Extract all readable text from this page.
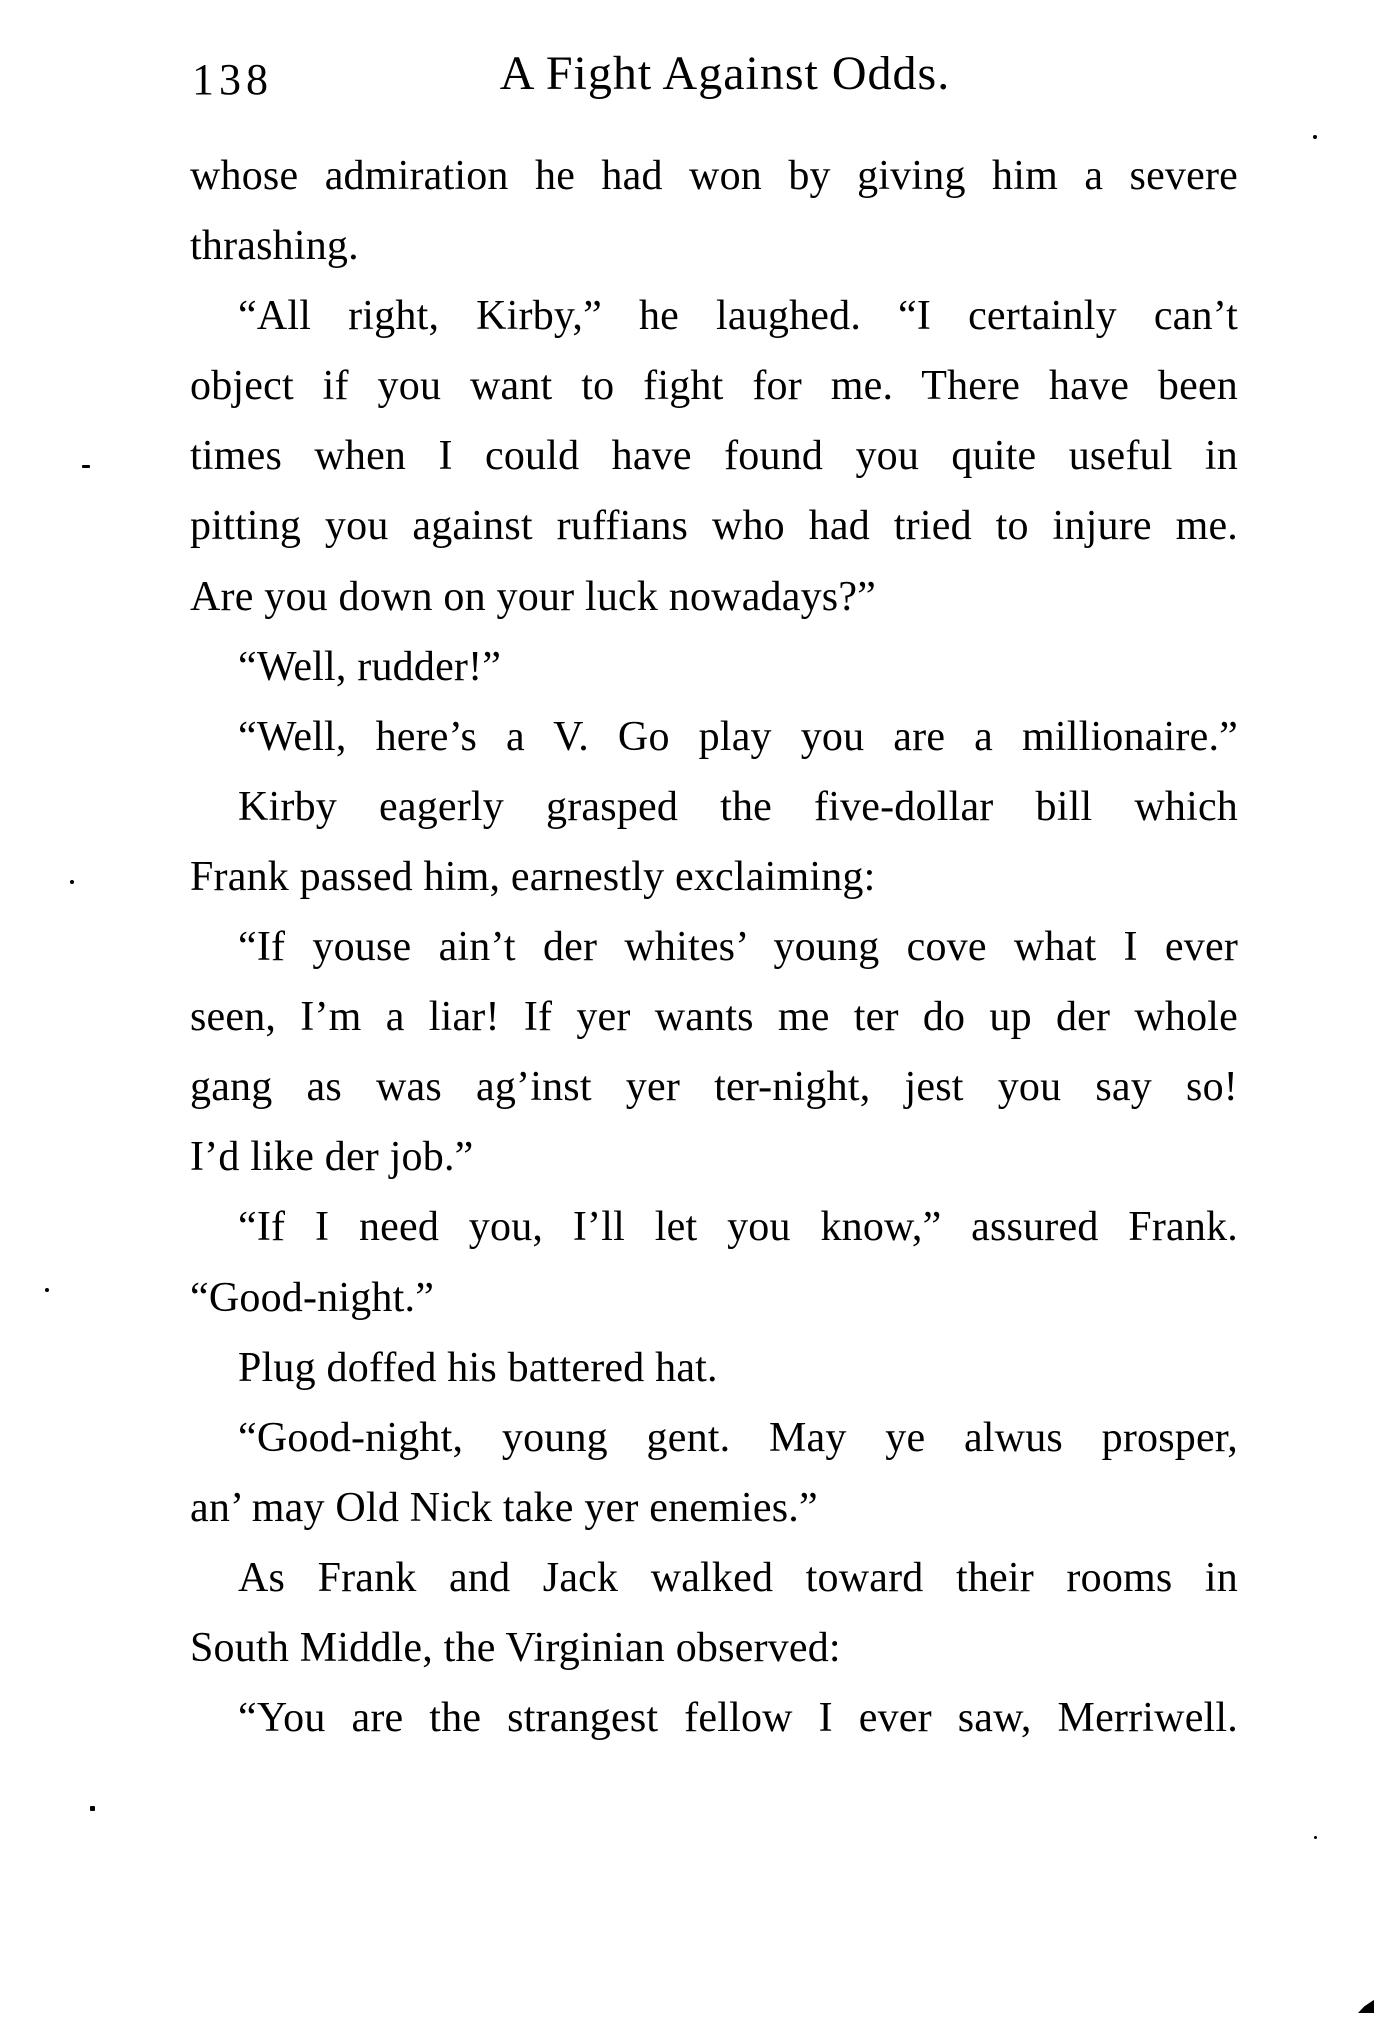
138	A Fight Against Odds.
whose admiration he had won by giving him a severe
thrashing.
“All right, Kirby,” he laughed. “I certainly can’t
object if you want to fight for me. There have been
times when I could have found you quite useful in
pitting you against ruffians who had tried to injure me.
Are you down on your luck nowadays?”
“Well, rudder!”
“Well, here’s a V. Go play you are a millionaire.”
Kirby eagerly grasped the five-dollar bill which
Frank passed him, earnestly exclaiming:
“If youse ain’t der whites’ young cove what I ever
seen, I’m a liar! If yer wants me ter do up der whole
gang as was ag’inst yer ter-night, jest you say so!
I’d like der job.”
“If I need you, I’ll let you know,” assured Frank.
“Good-night.”
Plug doffed his battered hat.
“Good-night, young gent. May ye alwus prosper,
an’ may Old Nick take yer enemies.”
As Frank and Jack walked toward their rooms in
South Middle, the Virginian observed:
“You are the strangest fellow I ever saw, Merriwell.
